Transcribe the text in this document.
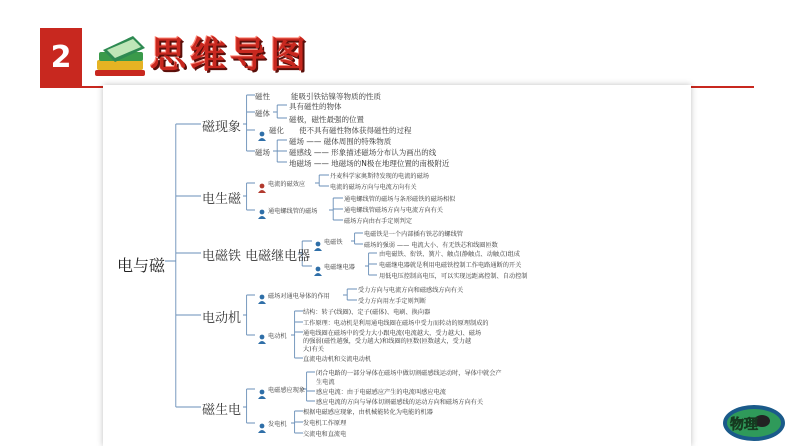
2 思维导图
电与磁
磁现象
电生磁
电磁铁 电磁继电器
电动机
磁生电
磁性	能吸引铁钴镍等物质的性质
磁体
具有磁性的物体
磁极，磁性最强的位置
磁化 使不具有磁性物体获得磁性的过程
磁场
磁场 —— 磁体周围的特殊物质
磁感线 —— 形象描述磁场分布认为画出的线
地磁场 —— 地磁场的N极在地理位置的南极附近
电流的磁效应
丹麦科学家奥斯特发现的电流的磁场
电流的磁场方向与电流方向有关
通电螺线管的磁场
通电螺线管的磁场与条形磁铁的磁场相似
通电螺线管磁场方向与电流方向有关
磁场方向由右手定则判定
电磁铁
电磁铁是一个内部插有铁芯的螺线管
磁场的强弱 —— 电流大小、有无铁芯和线圈匝数
电磁继电器
由电磁铁、衔铁、簧片、触点(静触点、动触点)组成
电磁继电器就是利用电磁铁控制工作电路通断的开关
用低电压控制高电压，可以实现远距离控制、自动控制
磁场对通电导体的作用
受力方向与电流方向和磁感线方向有关
受力方向用左手定则判断
电动机
结构：转子(线圈)、定子(磁体)、电刷、换向器
工作原理：电动机是利用通电线圈在磁场中受力而转动的原理制成的
通电线圈在磁场中的受力大小跟电流(电流越大，受力越大)、磁场
的强弱(磁性越强，受力越大)和线圈的匝数(匝数越大，受力越
大)有关
直流电动机和交流电动机
电磁感应现象
闭合电路的一部分导体在磁场中做切割磁感线运动时，导体中就会产
生电流
感应电流：由于电磁感应产生的电流叫感应电流
感应电流的方向与导体切割磁感线的运动方向和磁场方向有关
发电机
根据电磁感应现象，由机械能转化为电能的机器
发电机工作原理
交流电和直流电
物理
